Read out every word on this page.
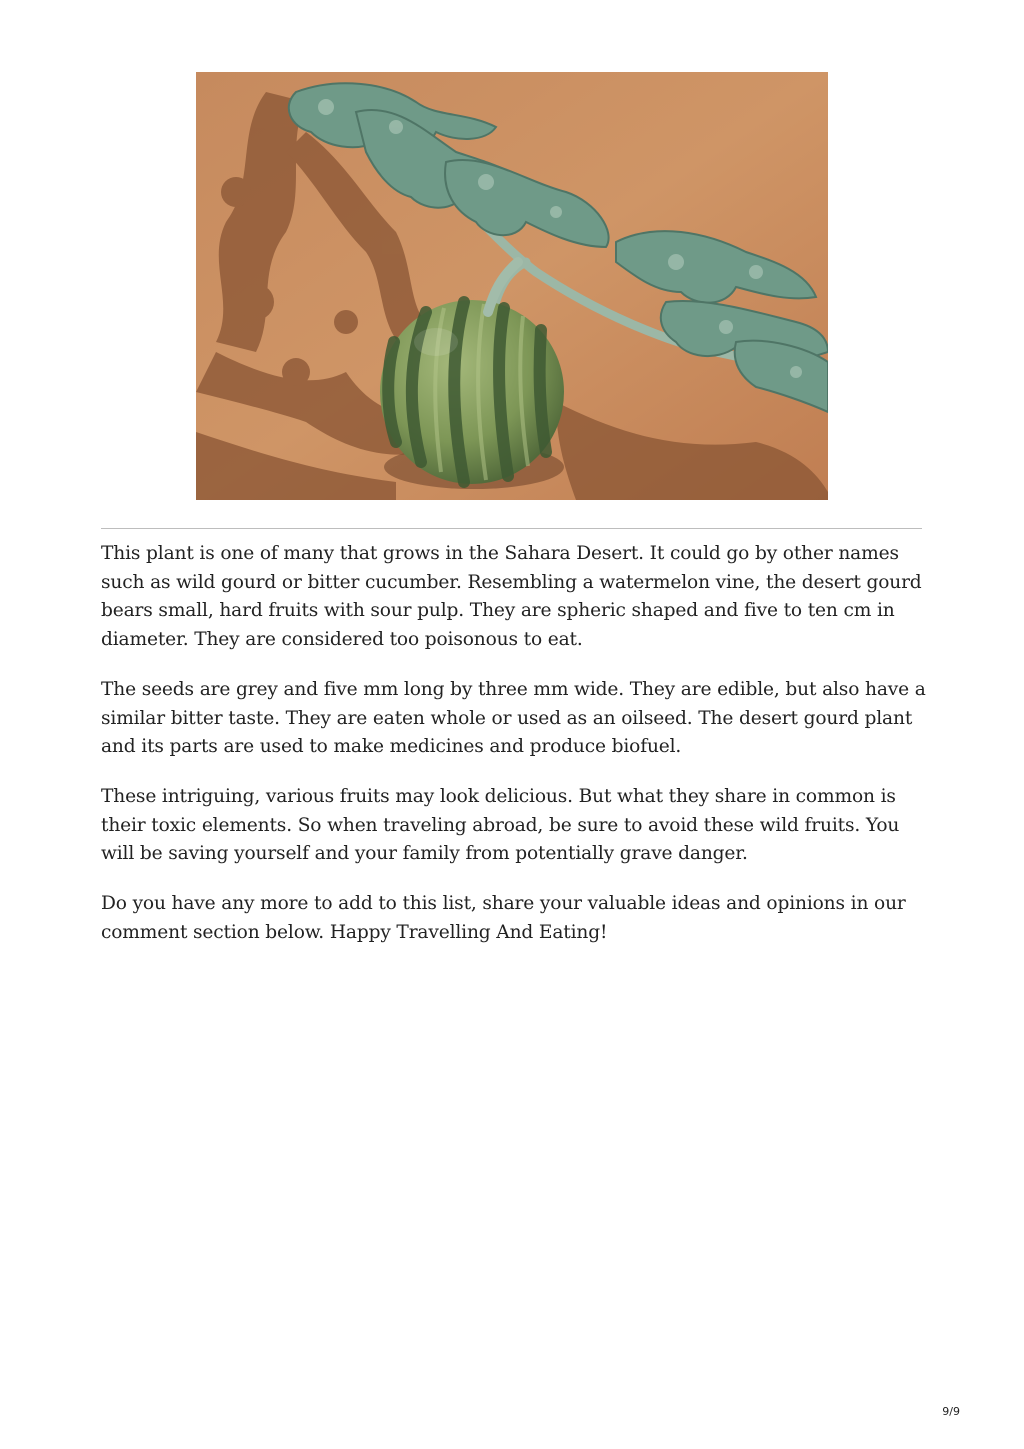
This plant is one of many that grows in the Sahara Desert. It could go by other names such as wild gourd or bitter cucumber. Resembling a watermelon vine, the desert gourd bears small, hard fruits with sour pulp. They are spheric shaped and five to ten cm in diameter. They are considered too poisonous to eat.

The seeds are grey and five mm long by three mm wide. They are edible, but also have a similar bitter taste. They are eaten whole or used as an oilseed. The desert gourd plant and its parts are used to make medicines and produce biofuel.

These intriguing, various fruits may look delicious. But what they share in common is their toxic elements. So when traveling abroad, be sure to avoid these wild fruits. You will be saving yourself and your family from potentially grave danger.

Do you have any more to add to this list, share your valuable ideas and opinions in our comment section below. Happy Travelling And Eating!

9/9
